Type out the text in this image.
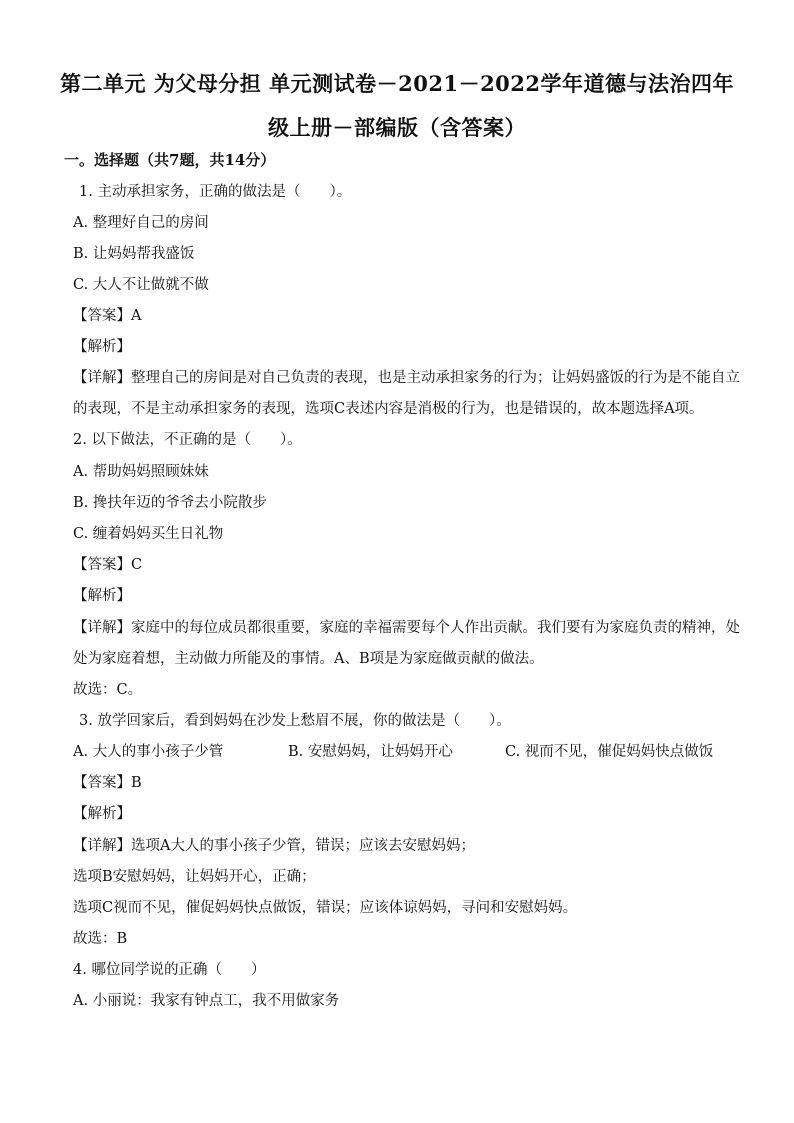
第二单元 为父母分担 单元测试卷－2021－2022学年道德与法治四年
级上册－部编版（含答案）
一。选择题（共7题，共14分）
1. 主动承担家务，正确的做法是（　　）。
A. 整理好自己的房间
B. 让妈妈帮我盛饭
C. 大人不让做就不做
【答案】A
【解析】
【详解】整理自己的房间是对自己负责的表现，也是主动承担家务的行为；让妈妈盛饭的行为是不能自立
的表现，不是主动承担家务的表现，选项C表述内容是消极的行为，也是错误的，故本题选择A项。
2. 以下做法，不正确的是（　　）。
A. 帮助妈妈照顾妹妹
B. 搀扶年迈的爷爷去小院散步
C. 缠着妈妈买生日礼物
【答案】C
【解析】
【详解】家庭中的每位成员都很重要，家庭的幸福需要每个人作出贡献。我们要有为家庭负责的精神，处
处为家庭着想，主动做力所能及的事情。A、B项是为家庭做贡献的做法。
故选：C。
3. 放学回家后，看到妈妈在沙发上愁眉不展，你的做法是（　　）。
A. 大人的事小孩子少管	B. 安慰妈妈，让妈妈开心	C. 视而不见，催促妈妈快点做饭
【答案】B
【解析】
【详解】选项A大人的事小孩子少管，错误；应该去安慰妈妈；
选项B安慰妈妈，让妈妈开心，正确；
选项C视而不见，催促妈妈快点做饭，错误；应该体谅妈妈，寻问和安慰妈妈。
故选：B
4. 哪位同学说的正确（　　）
A. 小丽说：我家有钟点工，我不用做家务
